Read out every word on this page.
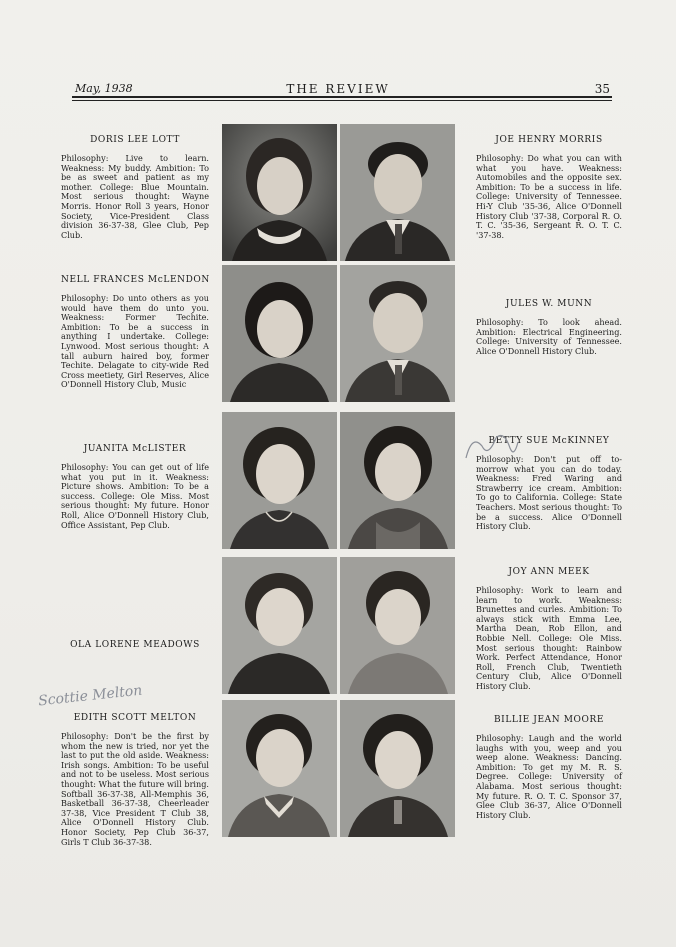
May, 1938	THE REVIEW	35
DORIS LEE LOTT
Philosophy: Live to learn. Weakness: My buddy. Ambition: To be as sweet and patient as my mother. College: Blue Mountain. Most serious thought: Wayne Morris. Honor Roll 3 years, Honor Society, Vice-President Class division 36-37-38, Glee Club, Pep Club.
NELL FRANCES McLENDON
Philosophy: Do unto others as you would have them do unto you. Weakness: Former Techite. Ambition: To be a success in anything I undertake. College: Lynwood. Most serious thought: A tall auburn haired boy, former Techite. Delagate to city-wide Red Cross meetiety, Girl Reserves, Alice O'Donnell History Club, Music
JUANITA McLISTER
Philosophy: You can get out of life what you put in it. Weakness: Picture shows. Ambition: To be a success. College: Ole Miss. Most serious thought: My future. Honor Roll, Alice O'Donnell History Club, Office Assistant, Pep Club.
OLA LORENE MEADOWS
EDITH SCOTT MELTON
Philosophy: Don't be the first by whom the new is tried, nor yet the last to put the old aside. Weakness: Irish songs. Ambition: To be useful and not to be useless. Most serious thought: What the future will bring. Softball 36-37-38, All-Memphis 36, Basketball 36-37-38, Cheerleader 37-38, Vice President T Club 38, Alice O'Donnell History Club. Honor Society, Pep Club 36-37, Girls T Club 36-37-38.
JOE HENRY MORRIS
Philosophy: Do what you can with what you have. Weakness: Automobiles and the opposite sex. Ambition: To be a success in life. College: University of Tennessee. Hi-Y Club '35-36, Alice O'Donnell History Club '37-38, Corporal R. O. T. C. '35-36, Sergeant R. O. T. C. '37-38.
JULES W. MUNN
Philosophy: To look ahead. Ambition: Electrical Engineering. College: University of Tennessee. Alice O'Donnell History Club.
BETTY SUE McKINNEY
Philosophy: Don't put off to-morrow what you can do today. Weakness: Fred Waring and Strawberry ice cream. Ambition: To go to California. College: State Teachers. Most serious thought: To be a success. Alice O'Donnell History Club.
JOY ANN MEEK
Philosophy: Work to learn and learn to work. Weakness: Brunettes and curles. Ambition: To always stick with Emma Lee, Martha Dean, Rob Ellon, and Robbie Nell. College: Ole Miss. Most serious thought: Rainbow Work. Perfect Attendance, Honor Roll, French Club, Twentieth Century Club, Alice O'Donnell History Club.
BILLIE JEAN MOORE
Philosophy: Laugh and the world laughs with you, weep and you weep alone. Weakness: Dancing. Ambition: To get my M. R. S. Degree. College: University of Alabama. Most serious thought: My future. R. O. T. C. Sponsor 37, Glee Club 36-37, Alice O'Donnell History Club.
Scottie Melton
